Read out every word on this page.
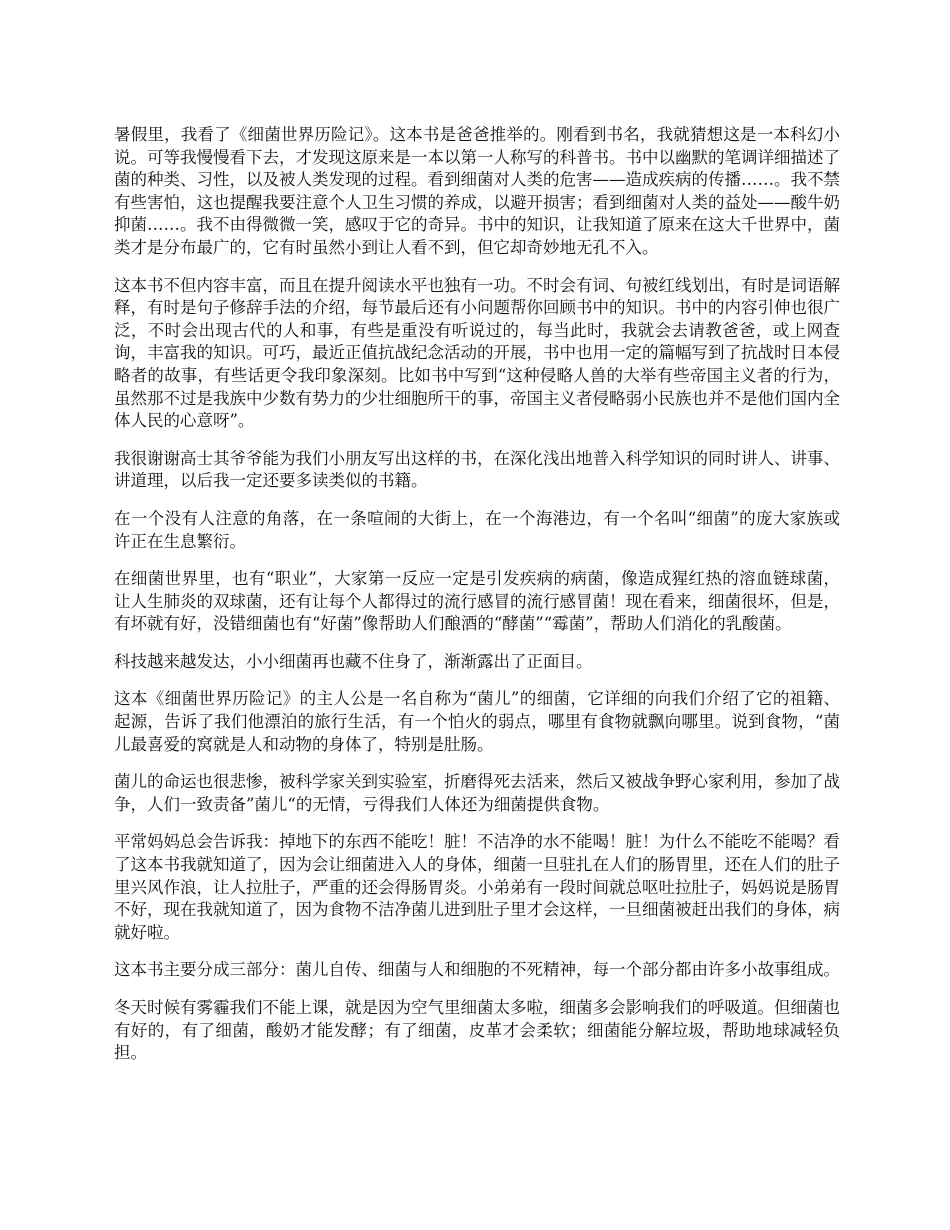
暑假里，我看了《细菌世界历险记》。这本书是爸爸推举的。刚看到书名，我就猜想这是一本科幻小说。可等我慢慢看下去，才发现这原来是一本以第一人称写的科普书。书中以幽默的笔调详细描述了菌的种类、习性，以及被人类发现的过程。看到细菌对人类的危害——造成疾病的传播……。我不禁有些害怕，这也提醒我要注意个人卫生习惯的养成，以避开损害；看到细菌对人类的益处——酸牛奶抑菌……。我不由得微微一笑，感叹于它的奇异。书中的知识，让我知道了原来在这大千世界中，菌类才是分布最广的，它有时虽然小到让人看不到，但它却奇妙地无孔不入。

这本书不但内容丰富，而且在提升阅读水平也独有一功。不时会有词、句被红线划出，有时是词语解释，有时是句子修辞手法的介绍，每节最后还有小问题帮你回顾书中的知识。书中的内容引伸也很广泛，不时会出现古代的人和事，有些是重没有听说过的，每当此时，我就会去请教爸爸，或上网查询，丰富我的知识。可巧，最近正值抗战纪念活动的开展，书中也用一定的篇幅写到了抗战时日本侵略者的故事，有些话更令我印象深刻。比如书中写到“这种侵略人兽的大举有些帝国主义者的行为，虽然那不过是我族中少数有势力的少壮细胞所干的事，帝国主义者侵略弱小民族也并不是他们国内全体人民的心意呀”。

我很谢谢高士其爷爷能为我们小朋友写出这样的书，在深化浅出地普入科学知识的同时讲人、讲事、讲道理，以后我一定还要多读类似的书籍。

在一个没有人注意的角落，在一条喧闹的大街上，在一个海港边，有一个名叫“细菌”的庞大家族或许正在生息繁衍。

在细菌世界里，也有“职业”，大家第一反应一定是引发疾病的病菌，像造成猩红热的溶血链球菌，让人生肺炎的双球菌，还有让每个人都得过的流行感冒的流行感冒菌！现在看来，细菌很坏，但是，有坏就有好，没错细菌也有“好菌”像帮助人们酿酒的“酵菌”“霉菌”，帮助人们消化的乳酸菌。

科技越来越发达，小小细菌再也藏不住身了，渐渐露出了正面目。

这本《细菌世界历险记》的主人公是一名自称为“菌儿”的细菌，它详细的向我们介绍了它的祖籍、起源，告诉了我们他漂泊的旅行生活，有一个怕火的弱点，哪里有食物就飘向哪里。说到食物，“菌儿最喜爱的窝就是人和动物的身体了，特别是肚肠。

菌儿的命运也很悲惨，被科学家关到实验室，折磨得死去活来，然后又被战争野心家利用，参加了战争，人们一致责备”菌儿“的无情，亏得我们人体还为细菌提供食物。

平常妈妈总会告诉我：掉地下的东西不能吃！脏！不洁净的水不能喝！脏！为什么不能吃不能喝？看了这本书我就知道了，因为会让细菌进入人的身体，细菌一旦驻扎在人们的肠胃里，还在人们的肚子里兴风作浪，让人拉肚子，严重的还会得肠胃炎。小弟弟有一段时间就总呕吐拉肚子，妈妈说是肠胃不好，现在我就知道了，因为食物不洁净菌儿进到肚子里才会这样，一旦细菌被赶出我们的身体，病就好啦。

这本书主要分成三部分：菌儿自传、细菌与人和细胞的不死精神，每一个部分都由许多小故事组成。

冬天时候有雾霾我们不能上课，就是因为空气里细菌太多啦，细菌多会影响我们的呼吸道。但细菌也有好的，有了细菌，酸奶才能发酵；有了细菌，皮革才会柔软；细菌能分解垃圾，帮助地球减轻负担。
